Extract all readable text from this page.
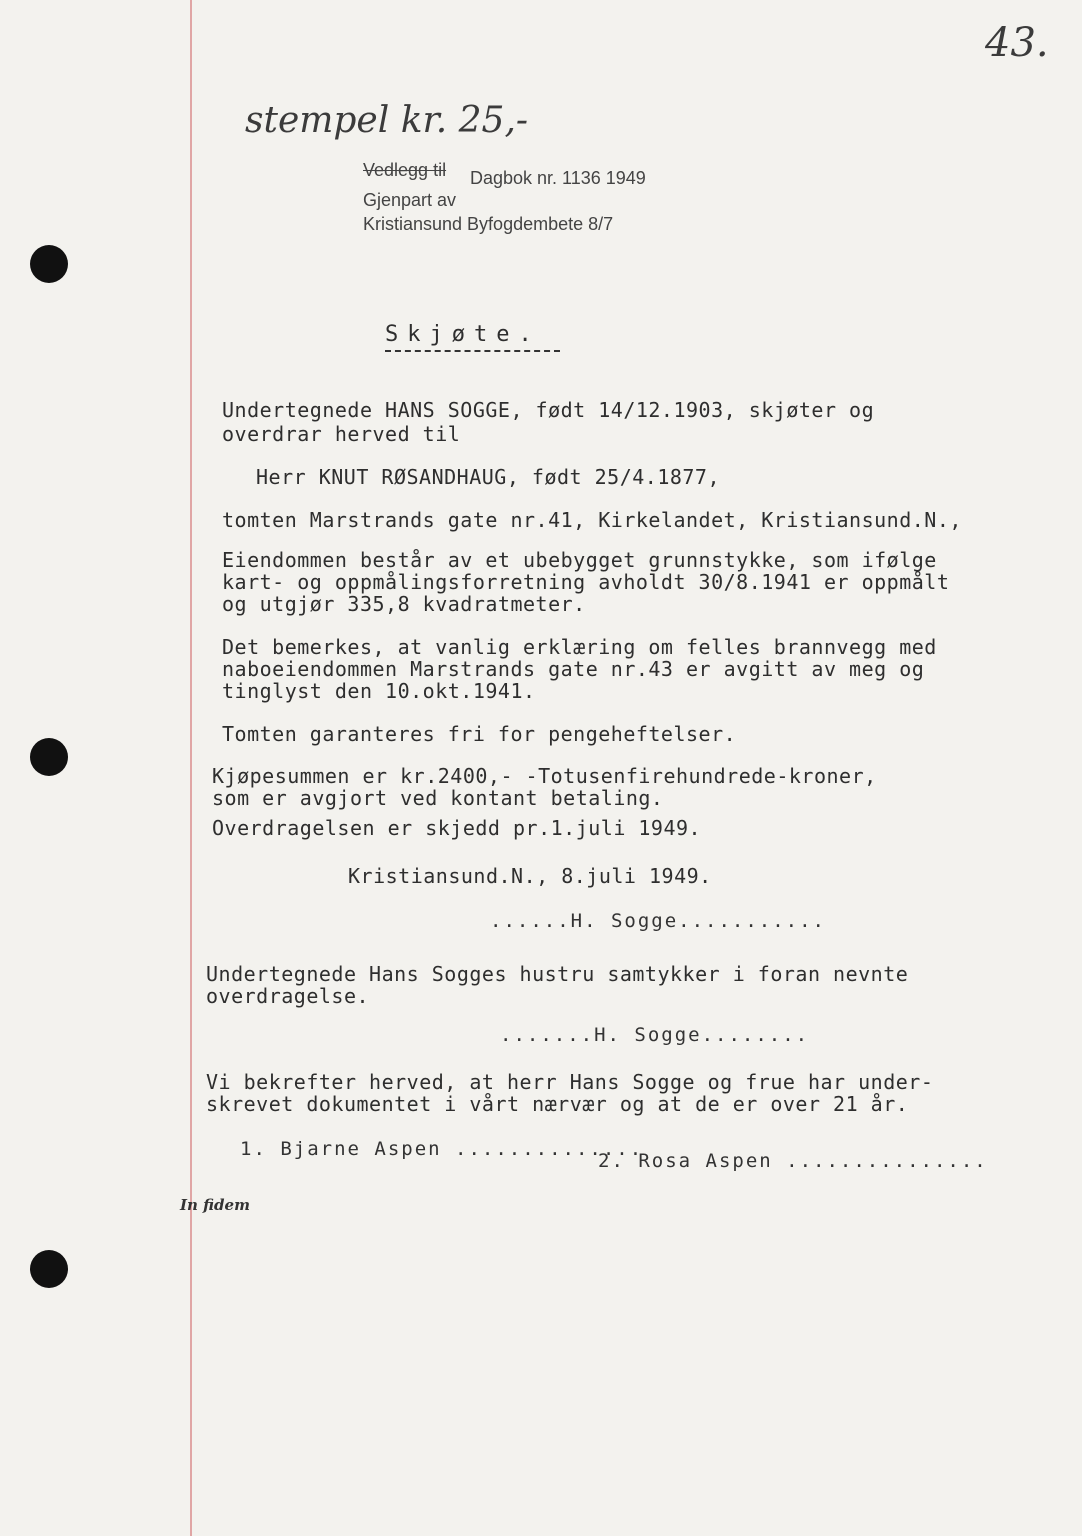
43.
stempel kr. 25,-
Vedlegg til Dagbok nr. 1136 1949
Gjenpart av
Kristiansund Byfogdembete 8/7
Skjøte.
Undertegnede HANS SOGGE, født 14/12.1903, skjøter og
overdrar herved til
Herr KNUT RØSANDHAUG, født 25/4.1877,
tomten Marstrands gate nr.41, Kirkelandet, Kristiansund.N.,
Eiendommen består av et ubebygget grunnstykke, som ifølge
kart- og oppmålingsforretning avholdt 30/8.1941 er oppmålt
og utgjør 335,8 kvadratmeter.
Det bemerkes, at vanlig erklæring om felles brannvegg med
naboeiendommen Marstrands gate nr.43 er avgitt av meg og
tinglyst den 10.okt.1941.
Tomten garanteres fri for pengeheftelser.
Kjøpesummen er kr.2400,- -Totusenfirehundrede-kroner,
som er avgjort ved kontant betaling.
Overdragelsen er skjedd pr.1.juli 1949.
Kristiansund.N., 8.juli 1949.
......H. Sogge...........
Undertegnede Hans Sogges hustru samtykker i foran nevnte
overdragelse.
.......H. Sogge........
Vi bekrefter herved, at herr Hans Sogge og frue har under-
skrevet dokumentet i vårt nærvær og at de er over 21 år.
1. Bjarne Aspen ..............
2. Rosa Aspen ...............
In fidem
